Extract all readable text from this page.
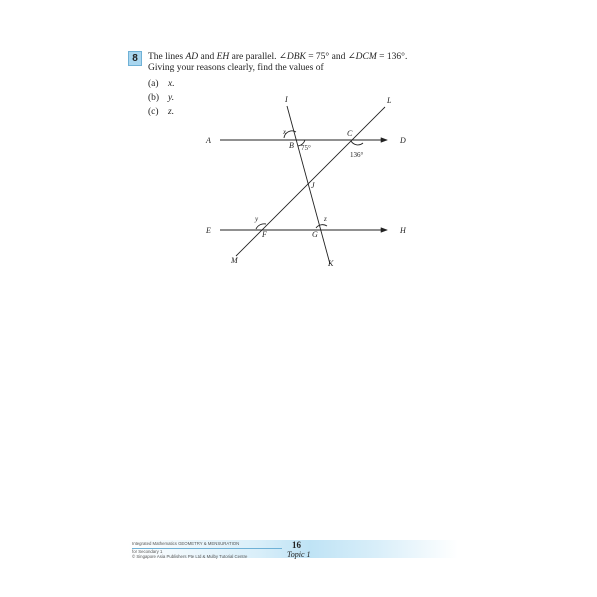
8	The lines AD and EH are parallel. ∠DBK = 75° and ∠DCM = 136°.
Giving your reasons clearly, find the values of
(a) x.
(b) y.
(c) z.
A
B
C
D
E	F	G	H
I
J
K
L
M
x
75°
136°
y	z
Integrated Mathematics GEOMETRY & MENSURATION
for Secondary 1
© Singapore Asia Publishers Pte Ltd & Mulby Tutorial Centre
16
Topic 1
